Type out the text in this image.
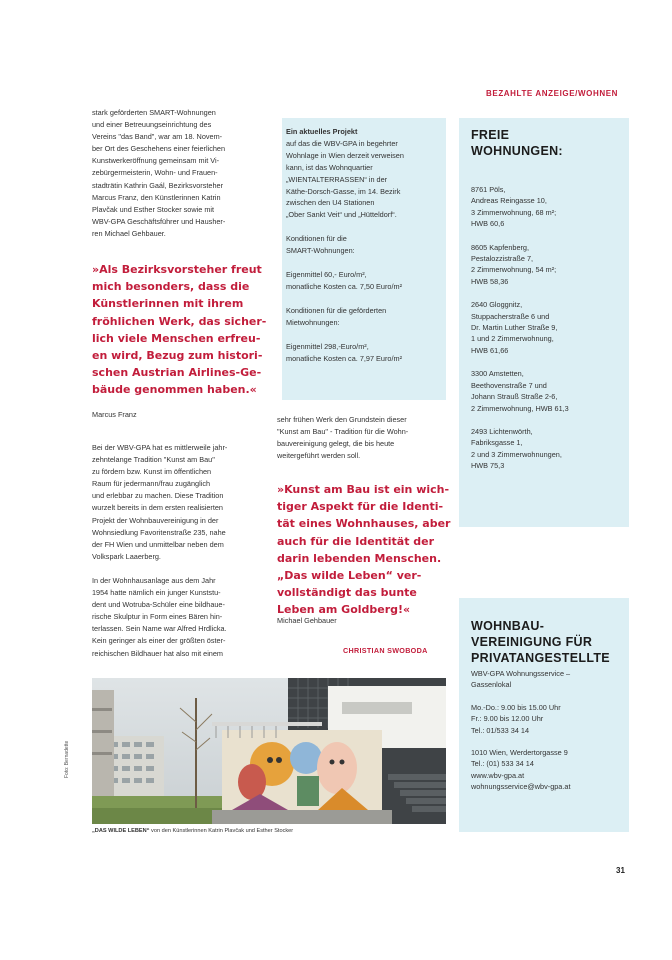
BEZAHLTE ANZEIGE/WOHNEN
stark geförderten SMART-Wohnungen
und einer Betreuungseinrichtung des
Vereins "das Band", war am 18. Novem-
ber Ort des Geschehens einer feierlichen
Kunstwerkeröffnung gemeinsam mit Vi-
zebürgermeisterin, Wohn- und Frauen-
stadträtin Kathrin Gaál, Bezirksvorsteher
Marcus Franz, den Künstlerinnen Katrin
Plavčak und Esther Stocker sowie mit
WBV-GPA Geschäftsführer und Hausher-
ren Michael Gehbauer.
»Als Bezirksvorsteher freut
mich besonders, dass die
Künstlerinnen mit ihrem
fröhlichen Werk, das sicher-
lich viele Menschen erfreu-
en wird, Bezug zum histori-
schen Austrian Airlines-Ge-
bäude genommen haben.«
Marcus Franz
Bei der WBV-GPA hat es mittlerweile jahr-
zehntelange Tradition "Kunst am Bau"
zu fördern bzw. Kunst im öffentlichen
Raum für jedermann/frau zugänglich
und erlebbar zu machen. Diese Tradition
wurzelt bereits in dem ersten realisierten
Projekt der Wohnbauvereinigung in der
Wohnsiedlung Favoritenstraße 235, nahe
der FH Wien und unmittelbar neben dem
Volkspark Laaerberg.
In der Wohnhausanlage aus dem Jahr
1954 hatte nämlich ein junger Kunststu-
dent und Wotruba-Schüler eine bildhaue-
rische Skulptur in Form eines Bären hin-
terlassen. Sein Name war Alfred Hrdlicka.
Kein geringer als einer der größten öster-
reichischen Bildhauer hat also mit einem
Ein aktuelles Projekt
auf das die WBV-GPA in begehrter
Wohnlage in Wien derzeit verweisen
kann, ist das Wohnquartier
„WIENTALTERRASSEN“ in der
Käthe-Dorsch-Gasse, im 14. Bezirk
zwischen den U4 Stationen
„Ober Sankt Veit“ und „Hütteldorf“.
Konditionen für die
SMART-Wohnungen:
Eigenmittel 60,- Euro/m²,
monatliche Kosten ca. 7,50 Euro/m²
Konditionen für die geförderten
Mietwohnungen:
Eigenmittel 298,-Euro/m²,
monatliche Kosten ca. 7,97 Euro/m²
sehr frühen Werk den Grundstein dieser
"Kunst am Bau" - Tradition für die Wohn-
bauvereinigung gelegt, die bis heute
weitergeführt werden soll.
»Kunst am Bau ist ein wich-
tiger Aspekt für die Identi-
tät eines Wohnhauses, aber
auch für die Identität der
darin lebenden Menschen.
„Das wilde Leben“ ver-
vollständigt das bunte
Leben am Goldberg!«
Michael Gehbauer
CHRISTIAN SWOBODA
FREIE
WOHNUNGEN:
8761 Pöls,
Andreas Reingasse 10,
3 Zimmerwohnung, 68 m²;
HWB 60,6
8605 Kapfenberg,
Pestalozzistraße 7,
2 Zimmerwohnung, 54 m²;
HWB 58,36
2640 Gloggnitz,
Stuppacherstraße 6 und
Dr. Martin Luther Straße 9,
1 und 2 Zimmerwohnung,
HWB 61,66
3300 Amstetten,
Beethovenstraße 7 und
Johann Strauß Straße 2-6,
2 Zimmerwohnung, HWB 61,3
2493 Lichtenwörth,
Fabriksgasse 1,
2 und 3 Zimmerwohnungen,
HWB 75,3
WOHNBAU-
VEREINIGUNG FÜR
PRIVATANGESTELLTE
WBV-GPA Wohnungsservice –
Gassenlokal
Mo.-Do.: 9.00 bis 15.00 Uhr
Fr.: 9.00 bis 12.00 Uhr
Tel.: 01/533 34 14
1010 Wien, Werdertorgasse 9
Tel.: (01) 533 34 14
www.wbv-gpa.at
wohnungsservice@wbv-gpa.at
„DAS WILDE LEBEN“ von den Künstlerinnen Katrin Plavčak und Esther Stocker
Foto: Bernadette
31
